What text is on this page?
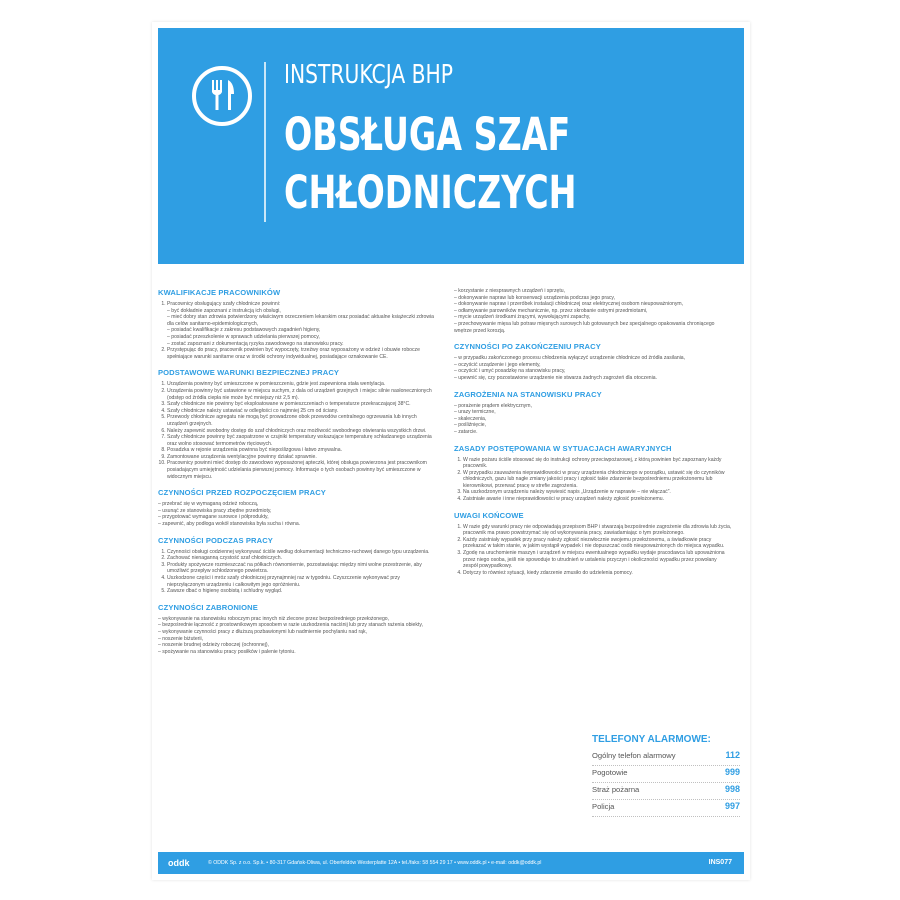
INSTRUKCJA BHP
OBSŁUGA SZAF
CHŁODNICZYCH
KWALIFIKACJE PRACOWNIKÓW
1. Pracownicy obsługujący szafy chłodnicze powinni:
– być dokładnie zapoznani z instrukcją ich obsługi,
– mieć dobry stan zdrowia potwierdzony właściwym orzeczeniem lekarskim oraz posiadać aktualne książeczki zdrowia dla celów sanitarno-epidemiologicznych,
– posiadać kwalifikacje z zakresu podstawowych zagadnień higieny,
– posiadać przeszkolenie w sprawach udzielania pierwszej pomocy,
– zostać zapoznani z dokumentacją ryzyka zawodowego na stanowisku pracy.
2. Przystępując do pracy, pracownik powinien być wypoczęty, trzeźwy oraz wyposażony w odzież i obuwie robocze spełniające warunki sanitarne oraz w środki ochrony indywidualnej, posiadające oznakowanie CE.
PODSTAWOWE WARUNKI BEZPIECZNEJ PRACY
1. Urządzenia powinny być umieszczone w pomieszczeniu, gdzie jest zapewniona stała wentylacja.
2. Urządzenia powinny być ustawione w miejscu suchym, z dala od urządzeń grzejnych i miejsc silnie nasłonecznionych (odstęp od źródła ciepła nie może być mniejszy niż 2,5 m).
3. Szafy chłodnicze nie powinny być eksploatowane w pomieszczeniach o temperaturze przekraczającej 38°C.
4. Szafy chłodnicze należy ustawiać w odległości co najmniej 25 cm od ściany.
5. Przewody chłodnicze agregatu nie mogą być prowadzone obok przewodów centralnego ogrzewania lub innych urządzeń grzejnych.
6. Należy zapewnić swobodny dostęp do szaf chłodniczych oraz możliwość swobodnego otwierania wszystkich drzwi.
7. Szafy chłodnicze powinny być zaopatrzone w czujniki temperatury wskazujące temperaturę schładzanego urządzenia oraz wolno stosować termometrów rtęciowych.
8. Posadzka w rejonie urządzenia powinna być niepoślizgowa i łatwo zmywalna.
9. Zamontowane urządzenia wentylacyjne powinny działać sprawnie.
10. Pracownicy powinni mieć dostęp do zawodowo wyposażonej apteczki, której obsługa powierzona jest pracownikom posiadającym umiejętność udzielania pierwszej pomocy. Informacje o tych osobach powinny być umieszczone w widocznym miejscu.
CZYNNOŚCI PRZED ROZPOCZĘCIEM PRACY
– przebrać się w wymaganą odzież roboczą,
– usunąć ze stanowiska pracy zbędne przedmioty,
– przygotować wymagane surowce i półprodukty,
– zapewnić, aby podłoga wokół stanowiska była sucha i równa.
CZYNNOŚCI PODCZAS PRACY
1. Czynności obsługi codziennej wykonywać ściśle według dokumentacji techniczno-ruchowej danego typu urządzenia.
2. Zachować nienaganną czystość szaf chłodniczych.
3. Produkty spożywcze rozmieszczać na półkach równomiernie, pozostawiając między nimi wolne przestrzenie, aby umożliwić przepływ schłodzonego powietrza.
4. Uszkodzone części i mróz szafy chłodniczej przynajmniej raz w tygodniu. Czyszczenie wykonywać przy nieprzyłączonym urządzeniu i całkowitym jego opróżnieniu.
5. Zawsze dbać o higienę osobistą i schludny wygląd.
CZYNNOŚCI ZABRONIONE
– wykonywanie na stanowisku roboczym prac innych niż zlecone przez bezpośredniego przełożonego,
– bezpośrednie łączność z prostownikowym sposobem w razie uszkodzenia naciśnij lub przy stanach rażenia obiekty,
– wykonywanie czynności pracy z dłuższą pozbawionymi lub nadmiernie pochylaniu nad rąk,
– noszenie biżuterii,
– noszenie brudnej odzieży roboczej (ochronnej),
– spożywanie na stanowisku pracy posiłków i palenie tytoniu.
– korzystanie z niesprawnych urządzeń i sprzętu,
– dokonywanie napraw lub konserwacji urządzenia podczas jego pracy,
– dokonywanie napraw i przeróbek instalacji chłodniczej oraz elektrycznej osobom nieupoważnionym,
– odłamywanie parowników mechanicznie, np. przez skrobanie ostrymi przedmiotami,
– mycie urządzeń środkami żrącymi, wywołującymi zapachy,
– przechowywanie mięsa lub potraw mięsnych surowych lub gotowanych bez specjalnego opakowania chroniącego wnętrze przed korozją.
CZYNNOŚCI PO ZAKOŃCZENIU PRACY
– w przypadku zakończonego procesu chłodzenia wyłączyć urządzenie chłodnicze od źródła zasilania,
– oczyścić urządzenie i jego elementy,
– oczyścić i umyć posadzkę na stanowisku pracy,
– upewnić się, czy pozostawione urządzenie nie stwarza żadnych zagrożeń dla otoczenia.
ZAGROŻENIA NA STANOWISKU PRACY
– porażenie prądem elektrycznym,
– urazy termiczne,
– skaleczenia,
– pośliźnięcie,
– zatarcie.
ZASADY POSTĘPOWANIA W SYTUACJACH AWARYJNYCH
1. W razie pożaru ściśle stosować się do instrukcji ochrony przeciwpożarowej, z którą powinien być zapoznany każdy pracownik.
2. W przypadku zauważenia nieprawidłowości w pracy urządzenia chłodniczego w porządku, ustawić się do czynników chłodniczych, gazu lub nagłe zmiany jakości pracy i zgłosić takie zdarzenie bezpośredniemu przełożonemu lub kierownikowi, przerwać pracę w strefie zagrożenia.
3. Na uszkodzonym urządzeniu należy wywiesić napis „Urządzenie w naprawie – nie włączać”.
4. Zaistniałe awarie i inne nieprawidłowości w pracy urządzeń należy zgłosić przełożonemu.
UWAGI KOŃCOWE
1. W razie gdy warunki pracy nie odpowiadają przepisom BHP i stwarzają bezpośrednie zagrożenie dla zdrowia lub życia, pracownik ma prawo powstrzymać się od wykonywania pracy, zawiadamiając o tym przełożonego.
2. Każdy zaistniały wypadek przy pracy należy zgłosić niezwłocznie swojemu przełożonemu, a świadkowie pracy przekazać w takim stanie, w jakim wystąpił wypadek i nie dopuszczać osób nieupoważnionych do miejsca wypadku.
3. Zgodę na uruchomienie maszyn i urządzeń w miejscu ewentualnego wypadku wydaje pracodawca lub upoważniona przez niego osoba, jeśli nie spowoduje to utrudnień w ustaleniu przyczyn i okoliczności wypadku przez powołany zespół powypadkowy.
4. Dotyczy to również sytuacji, kiedy zdarzenie zmusiło do udzielenia pomocy.
TELEFONY ALARMOWE:
Ogólny telefon alarmowy	112
Pogotowie	999
Straż pożarna	998
Policja	997
oddk	© ODDK Sp. z o.o. Sp.k. • 80-317 Gdańsk-Oliwa, ul. Oberfeldów Westerplatte 12A • tel./faks: 58 554 29 17 • www.oddk.pl • e-mail: oddk@oddk.pl	INS077
